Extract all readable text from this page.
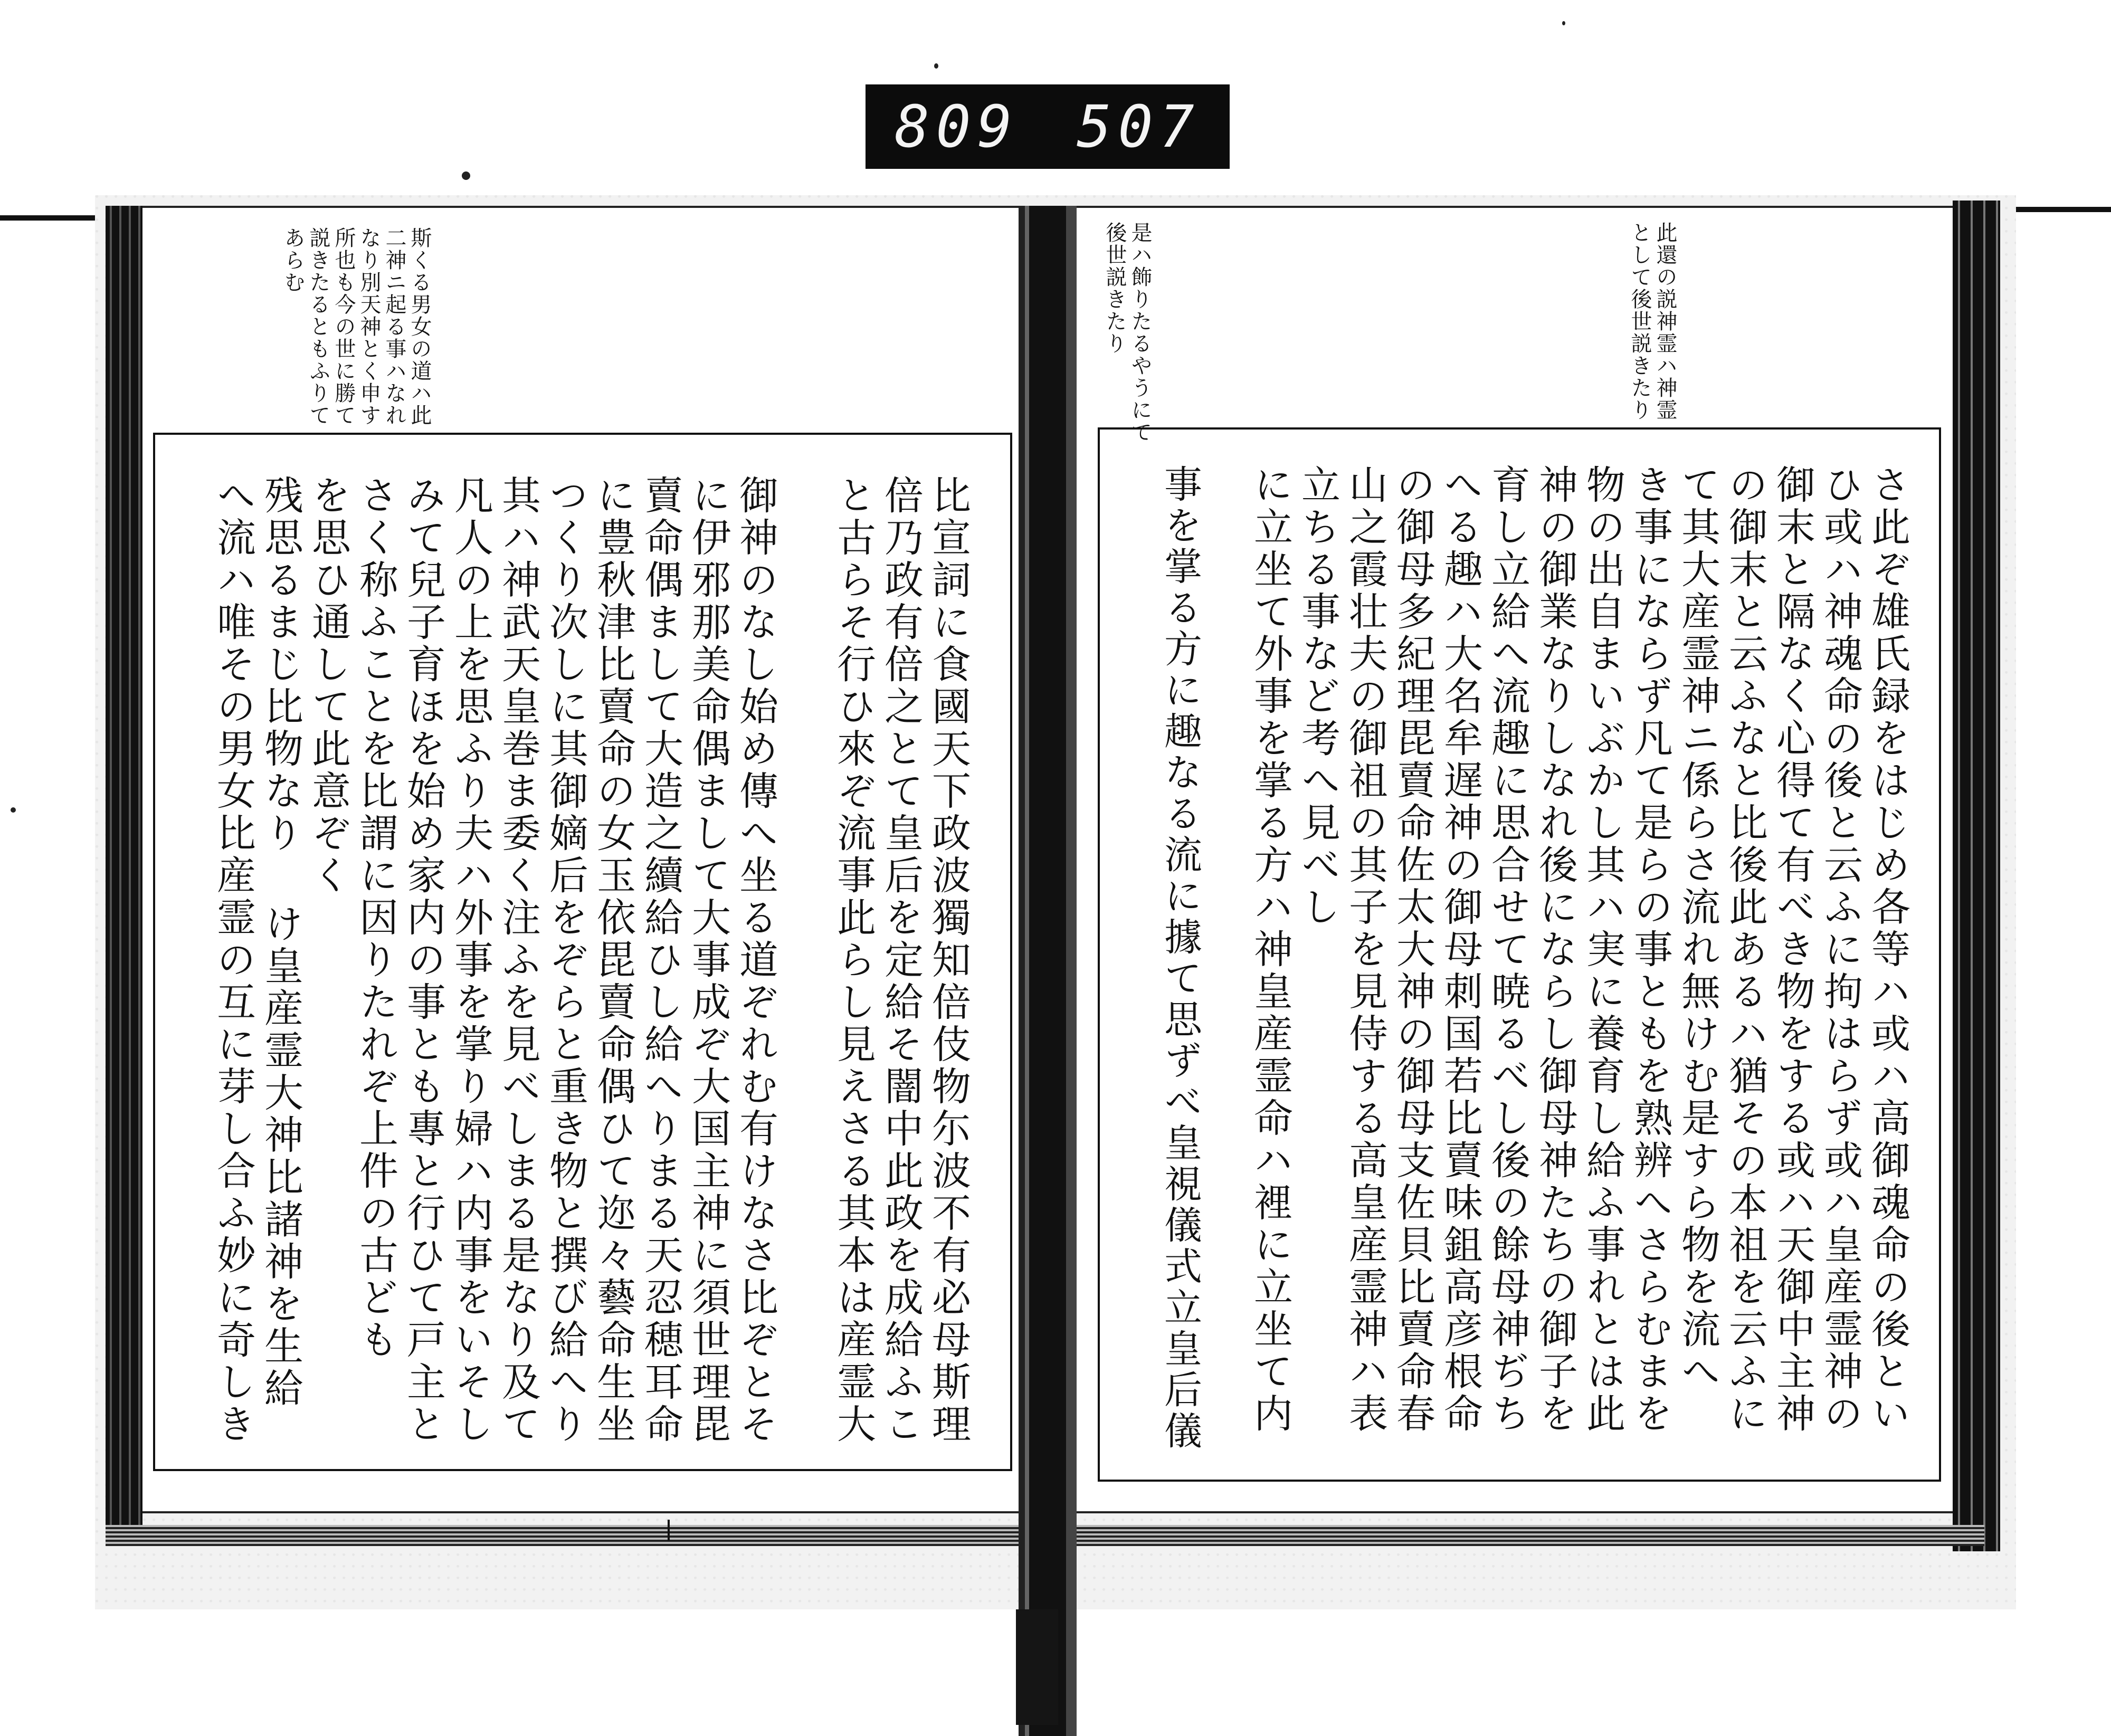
809 507
斯くる男女の道ハ此
二神ニ起る事ハなれ
なり別天神とく申す
所也も今の世に勝て
説きたるともふりて
あらむ	是ハ飾りたるやうにて
後世説きたり	此還の説神霊ハ神霊
として後世説きたり
さ此ぞ雄氏録をはじめ各等ハ或ハ高御魂命の後とい
ひ或ハ神魂命の後と云ふに拘はらず或ハ皇産霊神の
御末と隔なく心得て有べき物をする或ハ天御中主神
の御末と云ふなと比後此あるハ猶その本祖を云ふに
て其大産霊神ニ係らさ流れ無けむ是すら物を流へ
き事にならず凡て是らの事ともを熟辨へさらむまを
物の出自まいぶかし其ハ実に養育し給ふ事れとは此
神の御業なりしなれ後にならし御母神たちの御子を
育し立給へ流趣に思合せて暁るべし後の餘母神ぢち
へる趣ハ大名牟遅神の御母刺国若比賣味鉏高彦根命
の御母多紀理毘賣命佐太大神の御母支佐貝比賣命春
山之霞壮夫の御祖の其子を見侍する高皇産霊神ハ表
立ちる事など考へ見べし
に立坐て外事を掌る方ハ神皇産霊命ハ裡に立坐て内
事を掌る方に趣なる流に據て思ずべ皇視儀式立皇后儀
比宣詞に食國天下政波獨知倍伎物尓波不有必母斯理
倍乃政有倍之とて皇后を定給そ闇中此政を成給ふこ
と古らそ行ひ來ぞ流事此らし見えさる其本は産霊大
御神のなし始め傳へ坐る道ぞれむ有けなさ比ぞとそ
に伊邪那美命偶まして大事成ぞ大国主神に須世理毘
賣命偶まして大造之續給ひし給へりまる天忍穂耳命
に豊秋津比賣命の女玉依毘賣命偶ひて迩々藝命生坐
つくり次しに其御嫡后をぞらと重き物と撰び給へり
其ハ神武天皇巻ま委く注ふを見べしまる是なり及て
凡人の上を思ふり夫ハ外事を掌り婦ハ内事をいそし
みて兒子育ほを始め家内の事とも專と行ひて戸主と
さく称ふことを比謂に因りたれぞ上件の古ども
を思ひ通して此意ぞく
残思るまじ比物なり け皇産霊大神比諸神を生給
へ流ハ唯その男女比産霊の互に芽し合ふ妙に奇しき
